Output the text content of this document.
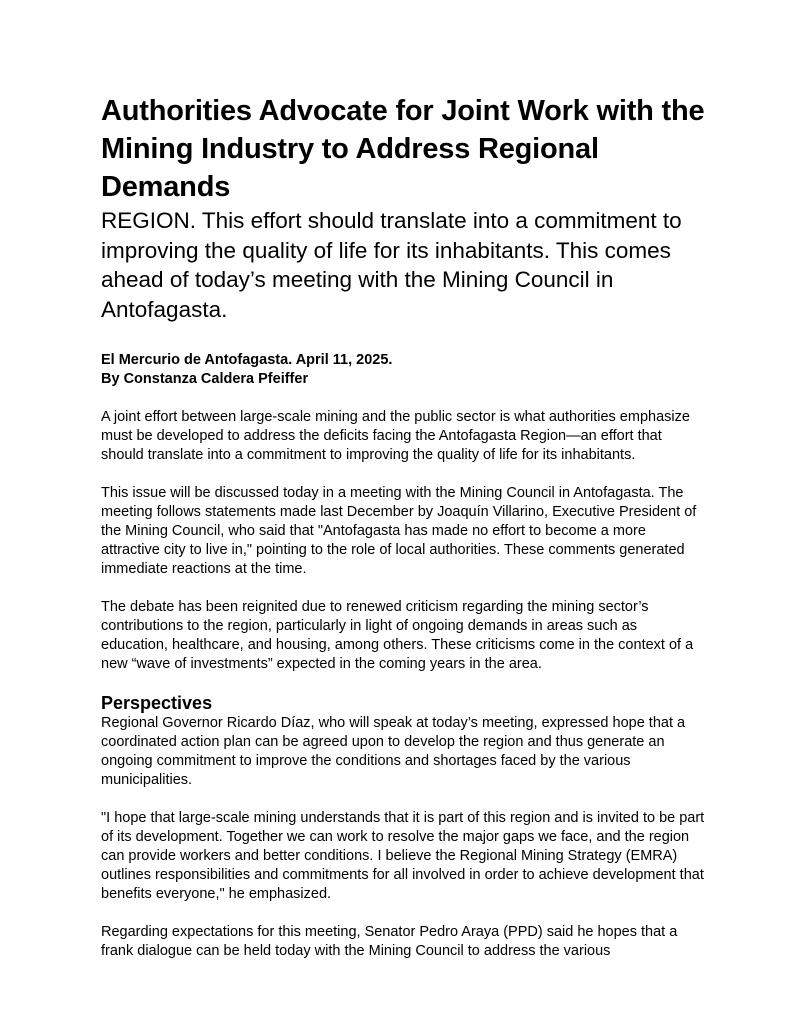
Authorities Advocate for Joint Work with the Mining Industry to Address Regional Demands
REGION. This effort should translate into a commitment to improving the quality of life for its inhabitants. This comes ahead of today’s meeting with the Mining Council in Antofagasta.
El Mercurio de Antofagasta. April 11, 2025.
By Constanza Caldera Pfeiffer

A joint effort between large-scale mining and the public sector is what authorities emphasize must be developed to address the deficits facing the Antofagasta Region—an effort that should translate into a commitment to improving the quality of life for its inhabitants.

This issue will be discussed today in a meeting with the Mining Council in Antofagasta. The meeting follows statements made last December by Joaquín Villarino, Executive President of the Mining Council, who said that "Antofagasta has made no effort to become a more attractive city to live in," pointing to the role of local authorities. These comments generated immediate reactions at the time.

The debate has been reignited due to renewed criticism regarding the mining sector’s contributions to the region, particularly in light of ongoing demands in areas such as education, healthcare, and housing, among others. These criticisms come in the context of a new “wave of investments” expected in the coming years in the area.

Perspectives

Regional Governor Ricardo Díaz, who will speak at today’s meeting, expressed hope that a coordinated action plan can be agreed upon to develop the region and thus generate an ongoing commitment to improve the conditions and shortages faced by the various municipalities.

"I hope that large-scale mining understands that it is part of this region and is invited to be part of its development. Together we can work to resolve the major gaps we face, and the region can provide workers and better conditions. I believe the Regional Mining Strategy (EMRA) outlines responsibilities and commitments for all involved in order to achieve development that benefits everyone," he emphasized.

Regarding expectations for this meeting, Senator Pedro Araya (PPD) said he hopes that a frank dialogue can be held today with the Mining Council to address the various
